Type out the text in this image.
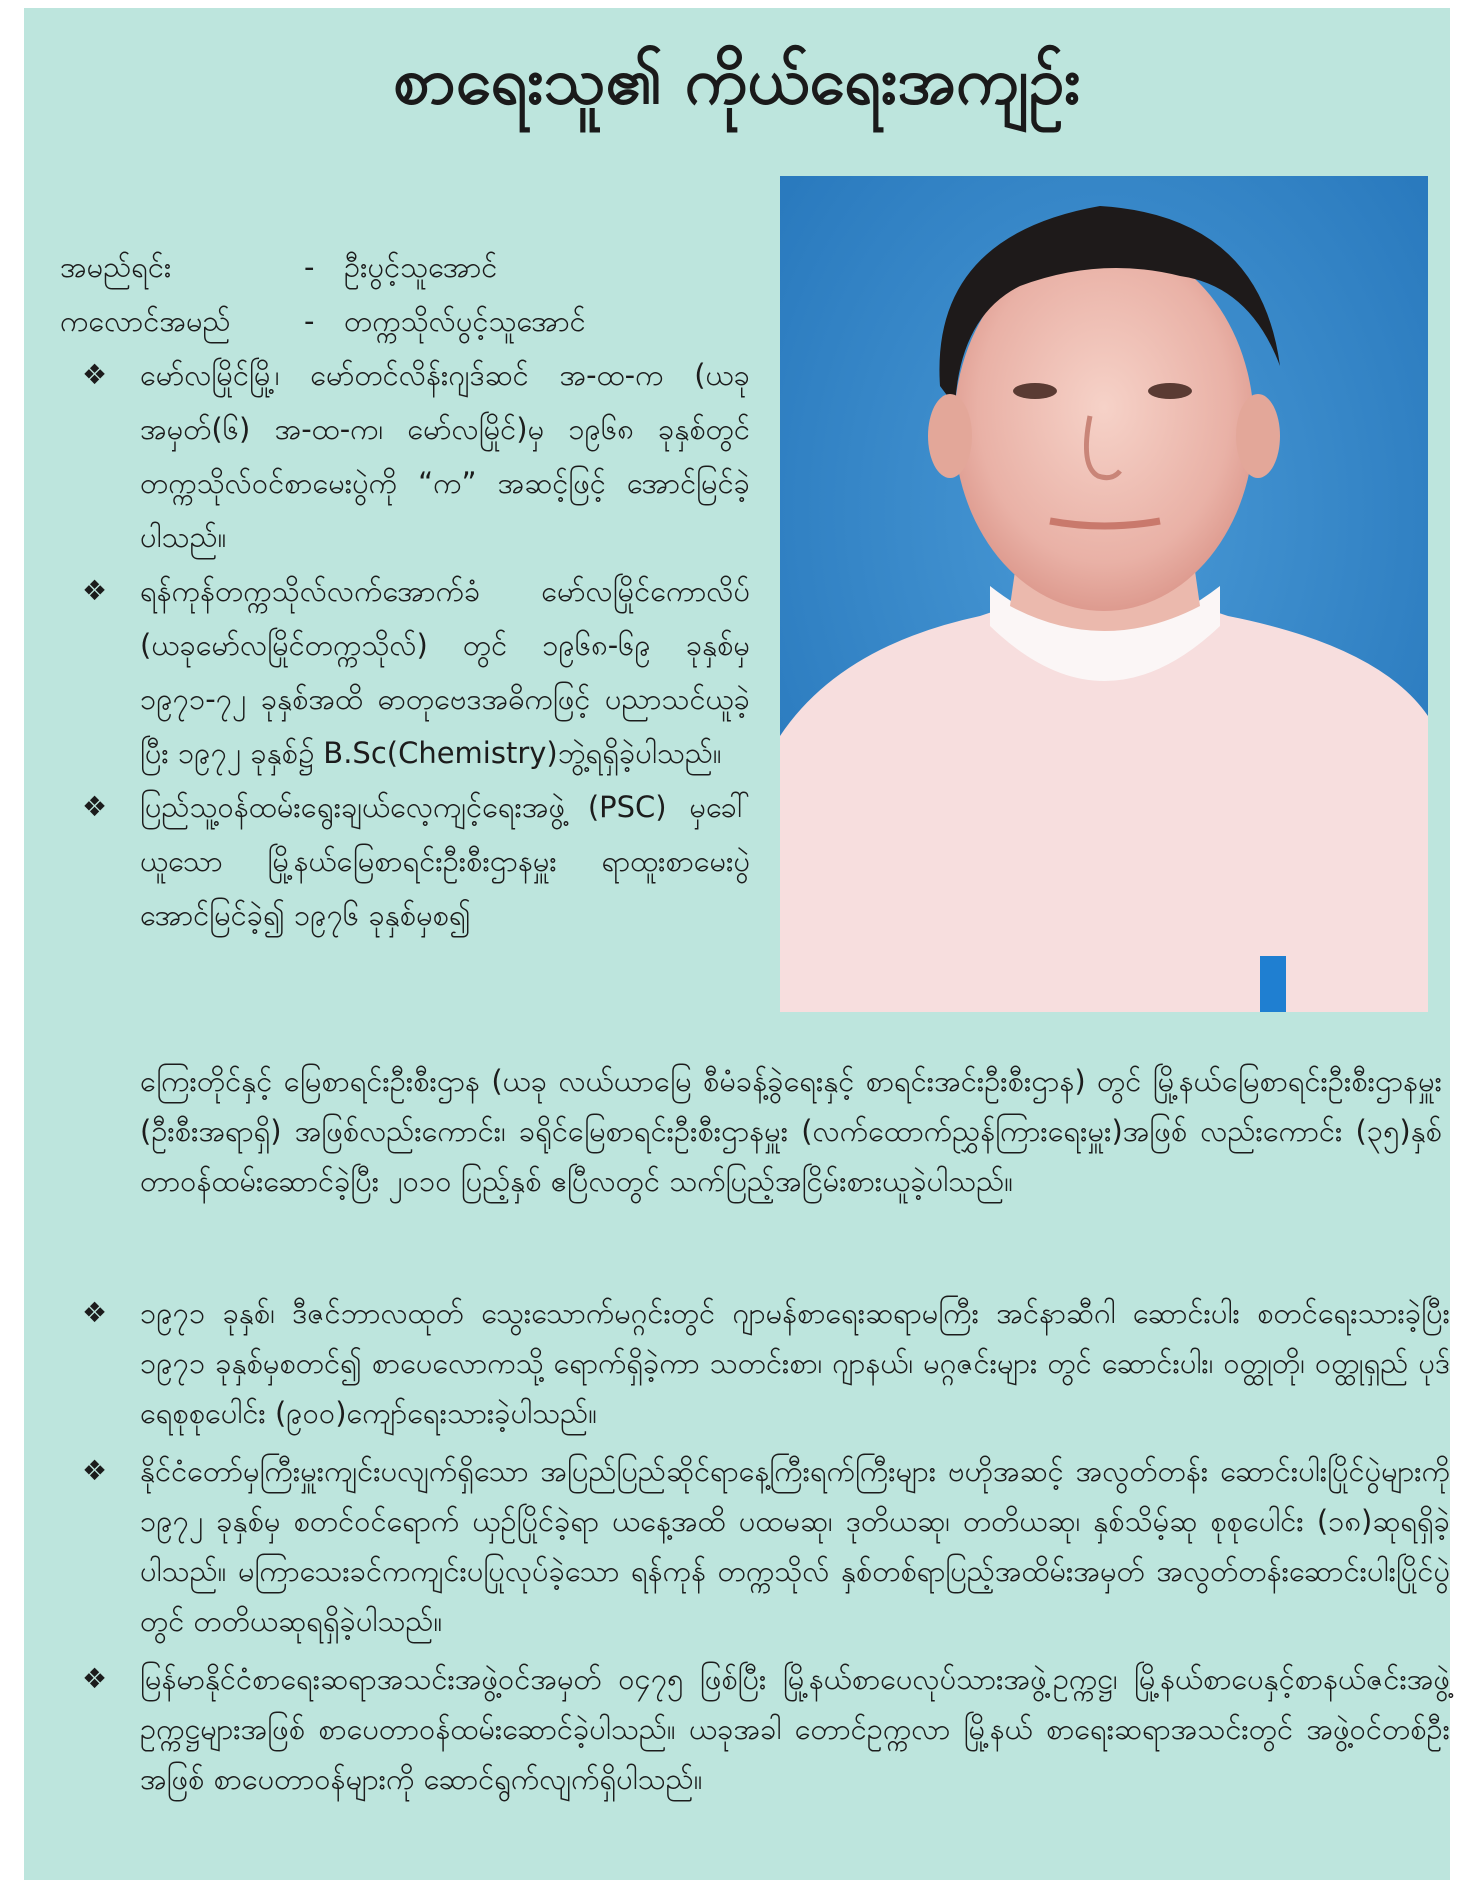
စာရေးသူ၏ ကိုယ်ရေးအကျဉ်း
အမည်ရင်း	-	ဦးပွင့်သူအောင်
ကလောင်အမည်	-	တက္ကသိုလ်ပွင့်သူအောင်
❖ မော်လမြိုင်မြို့၊ မော်တင်လိန်းဂျဒ်ဆင် အ-ထ-က (ယခု အမှတ်(၆) အ-ထ-က၊ မော်လမြိုင်)မှ ၁၉၆၈ ခုနှစ်တွင် တက္ကသိုလ်ဝင်စာမေးပွဲကို “က” အဆင့်ဖြင့် အောင်မြင်ခဲ့ပါသည်။
❖ ရန်ကုန်တက္ကသိုလ်လက်အောက်ခံ မော်လမြိုင်ကောလိပ် (ယခုမော်လမြိုင်တက္ကသိုလ်) တွင် ၁၉၆၈-၆၉ ခုနှစ်မှ ၁၉၇၁-၇၂ ခုနှစ်အထိ ဓာတုဗေဒအဓိကဖြင့် ပညာသင်ယူခဲ့ပြီး ၁၉၇၂ ခုနှစ်၌ B.Sc(Chemistry)ဘွဲ့ရရှိခဲ့ပါသည်။
❖ ပြည်သူ့ဝန်ထမ်းရွေးချယ်လေ့ကျင့်ရေးအဖွဲ့ (PSC) မှခေါ်ယူသော မြို့နယ်မြေစာရင်းဦးစီးဌာနမှူး ရာထူးစာမေးပွဲအောင်မြင်ခဲ့၍ ၁၉၇၆ ခုနှစ်မှစ၍
ကြေးတိုင်နှင့် မြေစာရင်းဦးစီးဌာန (ယခု လယ်ယာမြေ စီမံခန့်ခွဲရေးနှင့် စာရင်းအင်းဦးစီးဌာန) တွင် မြို့နယ်မြေစာရင်းဦးစီးဌာနမှူး (ဦးစီးအရာရှိ) အဖြစ်လည်းကောင်း၊ ခရိုင်မြေစာရင်းဦးစီးဌာနမှူး (လက်ထောက်ညွှန်ကြားရေးမှူး)အဖြစ် လည်းကောင်း (၃၅)နှစ် တာဝန်ထမ်းဆောင်ခဲ့ပြီး ၂၀၁၀ ပြည့်နှစ် ဧပြီလတွင် သက်ပြည့်အငြိမ်းစားယူခဲ့ပါသည်။
❖ ၁၉၇၁ ခုနှစ်၊ ဒီဇင်ဘာလထုတ် သွေးသောက်မဂ္ဂင်းတွင် ဂျာမန်စာရေးဆရာမကြီး အင်နာဆီဂါ ဆောင်းပါး စတင်ရေးသားခဲ့ပြီး ၁၉၇၁ ခုနှစ်မှစတင်၍ စာပေလောကသို့ ရောက်ရှိခဲ့ကာ သတင်းစာ၊ ဂျာနယ်၊ မဂ္ဂဇင်းများ တွင် ဆောင်းပါး၊ ဝတ္ထုတို၊ ဝတ္ထုရှည် ပုဒ်ရေစုစုပေါင်း (၉၀၀)ကျော်ရေးသားခဲ့ပါသည်။
❖ နိုင်ငံတော်မှကြီးမှူးကျင်းပလျက်ရှိသော အပြည်ပြည်ဆိုင်ရာနေ့ကြီးရက်ကြီးများ ဗဟိုအဆင့် အလွတ်တန်း ဆောင်းပါးပြိုင်ပွဲများကို ၁၉၇၂ ခုနှစ်မှ စတင်ဝင်ရောက် ယှဉ်ပြိုင်ခဲ့ရာ ယနေ့အထိ ပထမဆု၊ ဒုတိယဆု၊ တတိယဆု၊ နှစ်သိမ့်ဆု စုစုပေါင်း (၁၈)ဆုရရှိခဲ့ပါသည်။ မကြာသေးခင်ကကျင်းပပြုလုပ်ခဲ့သော ရန်ကုန် တက္ကသိုလ် နှစ်တစ်ရာပြည့်အထိမ်းအမှတ် အလွတ်တန်းဆောင်းပါးပြိုင်ပွဲတွင် တတိယဆုရရှိခဲ့ပါသည်။
❖ မြန်မာနိုင်ငံစာရေးဆရာအသင်းအဖွဲ့ဝင်အမှတ် ၀၄၇၅ ဖြစ်ပြီး မြို့နယ်စာပေလုပ်သားအဖွဲ့ဥက္ကဋ္ဌ၊ မြို့နယ်စာပေနှင့်စာနယ်ဇင်းအဖွဲ့ဥက္ကဋ္ဌများအဖြစ် စာပေတာဝန်ထမ်းဆောင်ခဲ့ပါသည်။ ယခုအခါ တောင်ဥက္ကလာ မြို့နယ် စာရေးဆရာအသင်းတွင် အဖွဲ့ဝင်တစ်ဦးအဖြစ် စာပေတာဝန်များကို ဆောင်ရွက်လျက်ရှိပါသည်။
